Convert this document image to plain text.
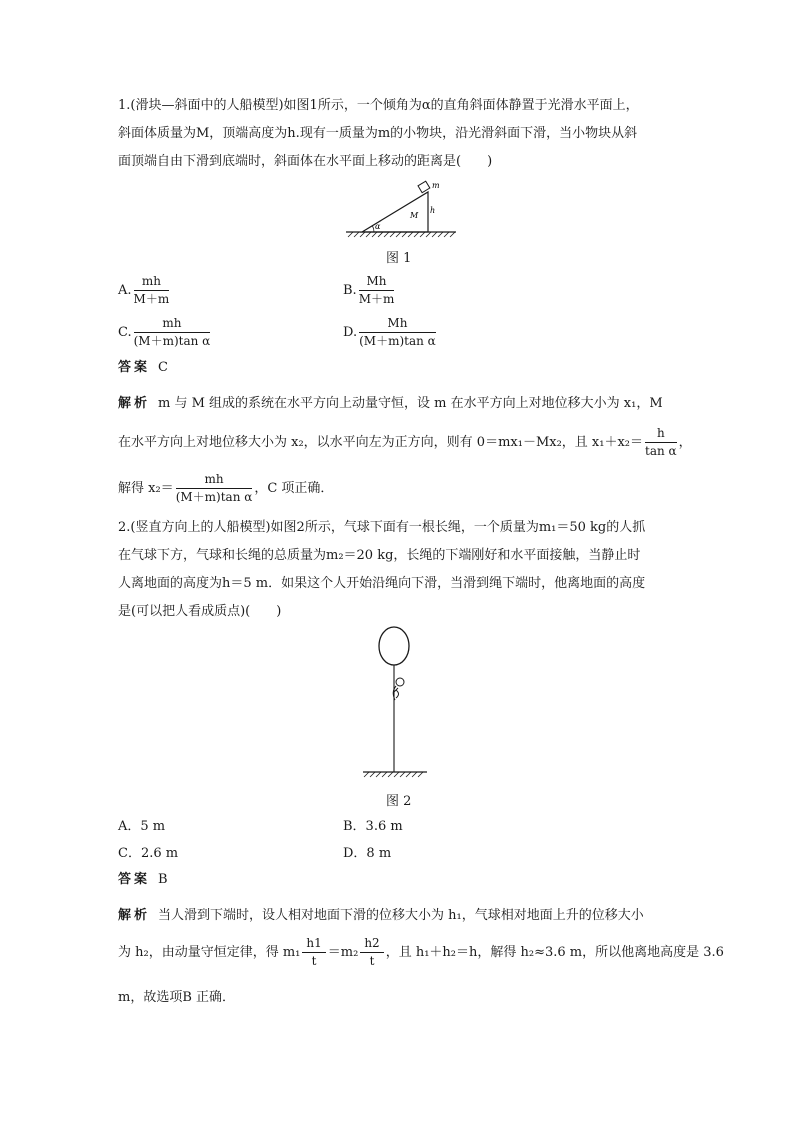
1.(滑块—斜面中的人船模型)如图1所示，一个倾角为α的直角斜面体静置于光滑水平面上，
斜面体质量为M，顶端高度为h.现有一质量为m的小物块，沿光滑斜面下滑，当小物块从斜
面顶端自由下滑到底端时，斜面体在水平面上移动的距离是(　　)

m
h
M
α
图 1
A. $\frac{mh}{M+m}$	B. $\frac{Mh}{M+m}$
C. $\frac{mh}{\text{(M＋m)tan α}}$	D. $\frac{Mh}{\text{(M＋m)tan α}}$
答案 C
解析 m 与 M 组成的系统在水平方向上动量守恒，设 m 在水平方向上对地位移大小为 x₁，M
在水平方向上对地位移大小为 x₂，以水平向左为正方向，则有 0＝mx₁－Mx₂，且 $x_1+x_2= \frac{h}{\text{tan α}}$ ，
解得 $x_2= \frac{mh}{\text{(M＋m)tan α}}$ ，C 项正确．

2.(竖直方向上的人船模型)如图2所示，气球下面有一根长绳，一个质量为m₁＝50 kg的人抓
在气球下方，气球和长绳的总质量为m₂＝20 kg，长绳的下端刚好和水平面接触，当静止时
人离地面的高度为h＝5 m．如果这个人开始沿绳向下滑，当滑到绳下端时，他离地面的高度
是(可以把人看成质点)(　　)

图 2
A．5 m	B．3.6 m
C．2.6 m	D．8 m
答案 B
解析 当人滑到下端时，设人相对地面下滑的位移大小为 h₁，气球相对地面上升的位移大小
为 h₂，由动量守恒定律，得 $m_1 \frac{h1}{t} =m_2 \frac{h2}{t}$ ，且 h₁＋h₂＝h，解得 h₂≈3.6 m，所以他离地高度是 3.6
m，故选项B 正确．
